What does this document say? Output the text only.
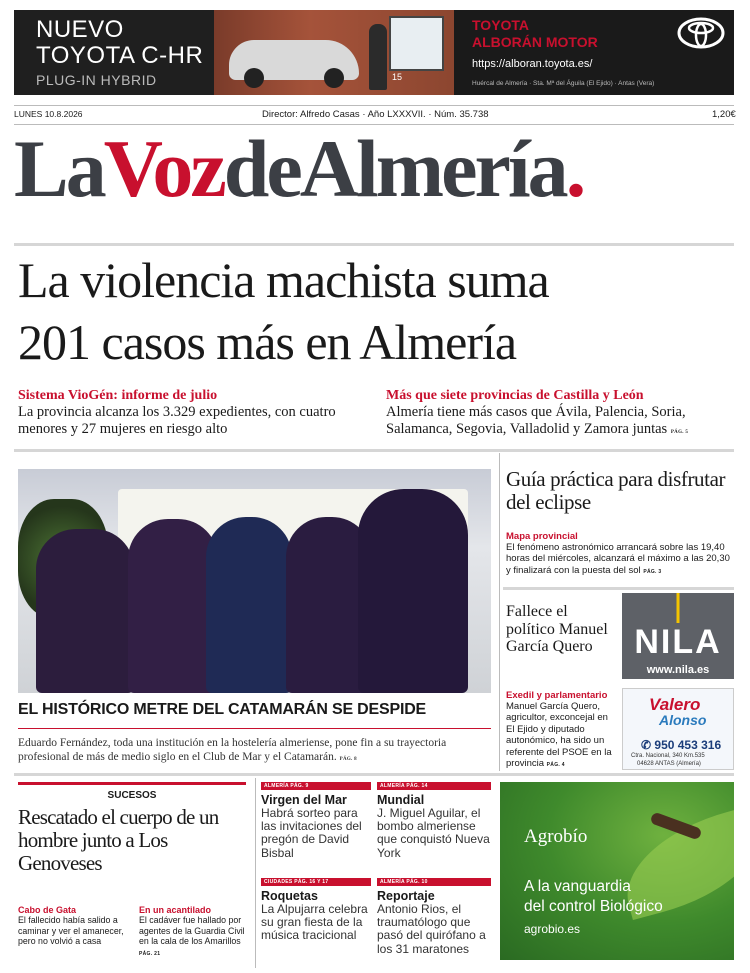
NUEVO
TOYOTA C-HR
PLUG-IN HYBRID	15
TOYOTA
ALBORÁN MOTOR
https://alboran.toyota.es/
Huércal de Almería · Sta. Mª del Águila (El Ejido) · Antas (Vera)
LUNES 10.8.2026	Director: Alfredo Casas · Año LXXXVII. · Núm. 35.738	1,20€
LaVozdeAlmería.
La violencia machista suma
201 casos más en Almería
Sistema VioGén: informe de julio
La provincia alcanza los 3.329 expedientes, con cuatro menores y 27 mujeres en riesgo alto
Más que siete provincias de Castilla y León
Almería tiene más casos que Ávila, Palencia, Soria, Salamanca, Segovia, Valladolid y Zamora juntas PÁG. 5
EL HISTÓRICO METRE DEL CATAMARÁN SE DESPIDE
Eduardo Fernández, toda una institución en la hostelería almeriense, pone fin a su trayectoria profesional de más de medio siglo en el Club de Mar y el Catamarán. PÁG. 8
Guía práctica para disfrutar del eclipse
Mapa provincial
El fenómeno astronómico arrancará sobre las 19,40 horas del miércoles, alcanzará el máximo a las 20,30 y finalizará con la puesta del sol PÁG. 3
Fallece el político Manuel García Quero
Exedil y parlamentario
Manuel García Quero, agricultor, exconcejal en El Ejido y diputado autonómico, ha sido un referente del PSOE en la provincia PÁG. 4
NILA
www.nila.es
Valero
Alonso
✆ 950 453 316
Ctra. Nacional, 340 Km.535
04628 ANTAS (Almería)
SUCESOS
Rescatado el cuerpo de un hombre junto a Los Genoveses
Cabo de Gata
El fallecido había salido a caminar y ver el amanecer, pero no volvió a casa
En un acantilado
El cadáver fue hallado por agentes de la Guardia Civil en la cala de los Amarillos PÁG. 21
ALMERÍA PÁG. 9
Virgen del Mar
Habrá sorteo para las invitaciones del pregón de David Bisbal
ALMERÍA PÁG. 14
Mundial
J. Miguel Aguilar, el bombo almeriense que conquistó Nueva York
CIUDADES PÁG. 16 Y 17
Roquetas
La Alpujarra celebra su gran fiesta de la música tracicional
ALMERÍA PÁG. 10
Reportaje
Antonio Rios, el traumatólogo que pasó del quirófano a los 31 maratones
Agrobío
A la vanguardia
del control Biológico
agrobio.es
